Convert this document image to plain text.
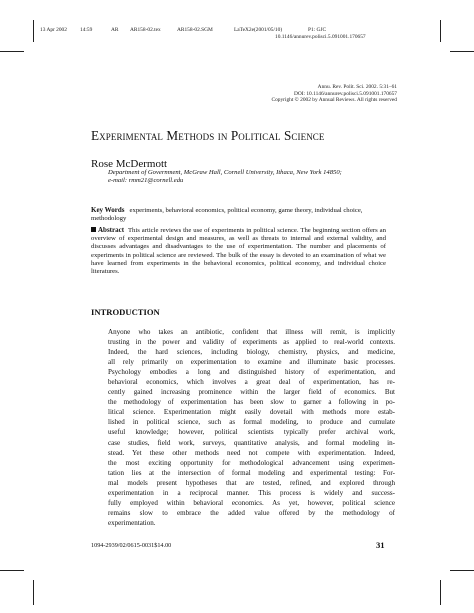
13 Apr 2002 14:59	AR AR158-02.tex	AR158-02.SGM	LaTeX2e(2001/05/10)	P1: GJC
10.1146/annurev.polisci.5.091001.170657
Annu. Rev. Polit. Sci. 2002. 5:31–61
DOI: 10.1146/annurev.polisci.5.091001.170657
Copyright © 2002 by Annual Reviews. All rights reserved
Experimental Methods in Political Science
Rose McDermott
Department of Government, McGraw Hall, Cornell University, Ithaca, New York 14850;
e-mail: rmm21@cornell.edu
Key Words experiments, behavioral economics, political economy, game theory, individual choice, methodology
Abstract This article reviews the use of experiments in political science. The beginning section offers an overview of experimental design and measures, as well as threats to internal and external validity, and discusses advantages and disadvantages to the use of experimentation. The number and placements of experiments in political science are reviewed. The bulk of the essay is devoted to an examination of what we have learned from experiments in the behavioral economics, political economy, and individual choice literatures.
INTRODUCTION
Anyone who takes an antibiotic, confident that illness will remit, is implicitly
trusting in the power and validity of experiments as applied to real-world contexts.
Indeed, the hard sciences, including biology, chemistry, physics, and medicine,
all rely primarily on experimentation to examine and illuminate basic processes.
Psychology embodies a long and distinguished history of experimentation, and
behavioral economics, which involves a great deal of experimentation, has re-
cently gained increasing prominence within the larger field of economics. But
the methodology of experimentation has been slow to garner a following in po-
litical science. Experimentation might easily dovetail with methods more estab-
lished in political science, such as formal modeling, to produce and cumulate
useful knowledge; however, political scientists typically prefer archival work,
case studies, field work, surveys, quantitative analysis, and formal modeling in-
stead. Yet these other methods need not compete with experimentation. Indeed,
the most exciting opportunity for methodological advancement using experimen-
tation lies at the intersection of formal modeling and experimental testing: For-
mal models present hypotheses that are tested, refined, and explored through
experimentation in a reciprocal manner. This process is widely and success-
fully employed within behavioral economics. As yet, however, political science
remains slow to embrace the added value offered by the methodology of
experimentation.
1094-2939/02/0615-0031$14.00	31
